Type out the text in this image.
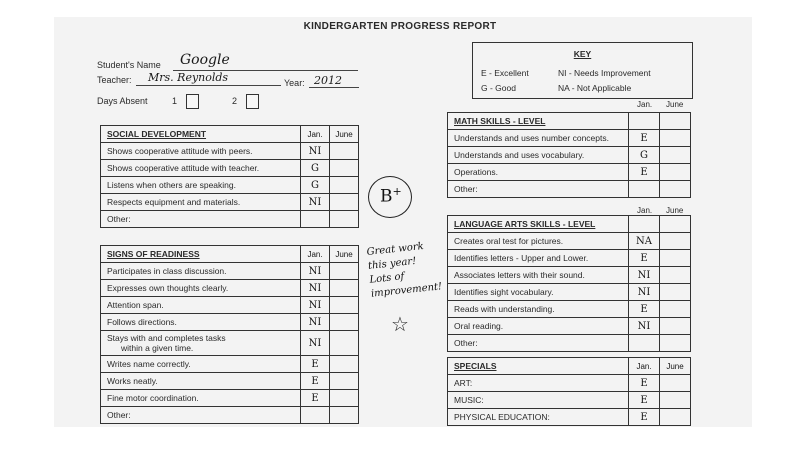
KINDERGARTEN PROGRESS REPORT
Student's Name Google
Teacher: Mrs. Reynolds	Year: 2012
Days Absent	1	2
KEY
E - Excellent	NI - Needs Improvement
G - Good	NA - Not Applicable
SOCIAL DEVELOPMENT	Jan.	June
Shows cooperative attitude with peers.	NI	
Shows cooperative attitude with teacher.	G	
Listens when others are speaking.	G	
Respects equipment and materials.	NI	
Other:		
SIGNS OF READINESS	Jan.	June
Participates in class discussion.	NI	
Expresses own thoughts clearly.	NI	
Attention span.	NI	
Follows directions.	NI	

Stays with and completes tasks
within a given time.	NI	
Writes name correctly.	E	
Works neatly.	E	
Fine motor coordination.	E	
Other:		
Jan. June
MATH SKILLS - LEVEL		
Understands and uses number concepts.	E	
Understands and uses vocabulary.	G	
Operations.	E	
Other:		
Jan. June
LANGUAGE ARTS SKILLS - LEVEL		
Creates oral test for pictures.	NA	
Identifies letters - Upper and Lower.	E	
Associates letters with their sound.	NI	
Identifies sight vocabulary.	NI	
Reads with understanding.	E	
Oral reading.	NI	
Other:		
SPECIALS	Jan.	June
ART:	E	
MUSIC:	E	
PHYSICAL EDUCATION:	E	
B+
Great work
this year!
Lots of
improvement!
☆
